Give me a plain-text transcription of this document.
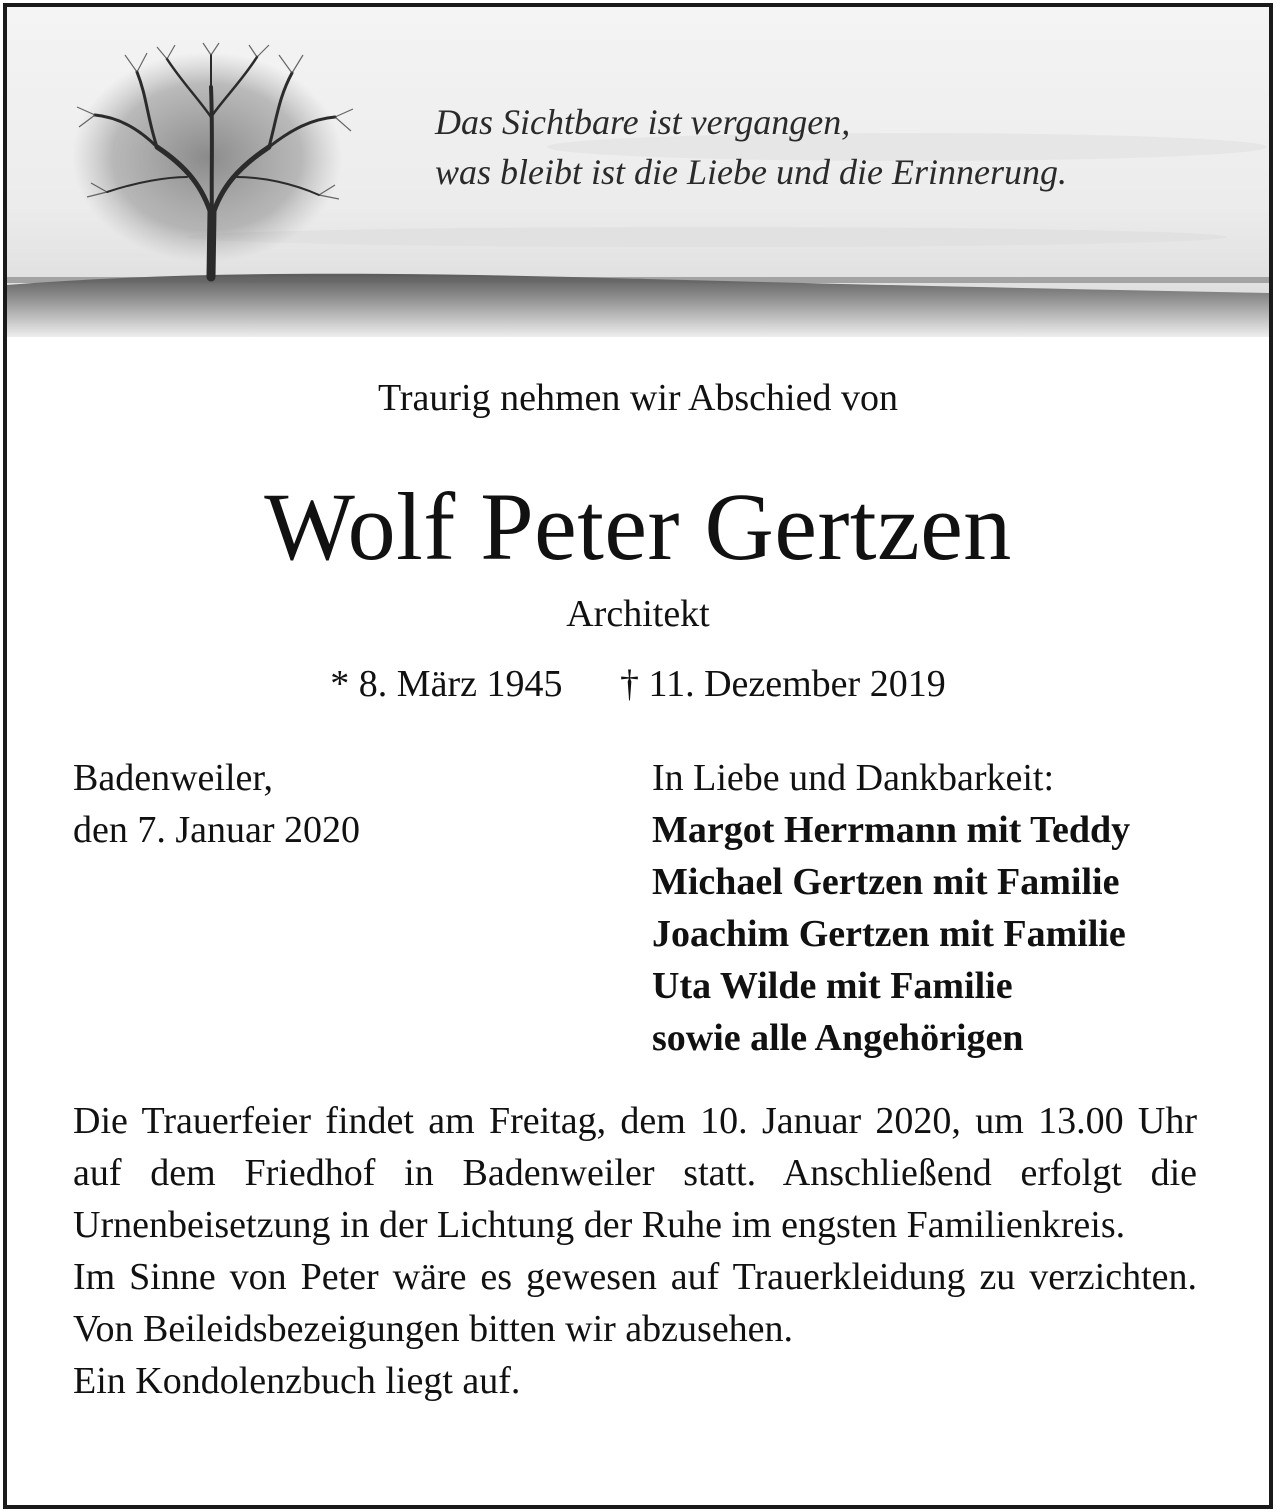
Das Sichtbare ist vergangen,
was bleibt ist die Liebe und die Erinnerung.
Traurig nehmen wir Abschied von
Wolf Peter Gertzen
Architekt
* 8. März 1945 † 11. Dezember 2019
Badenweiler,
den 7. Januar 2020
In Liebe und Dankbarkeit:
Margot Herrmann mit Teddy
Michael Gertzen mit Familie
Joachim Gertzen mit Familie
Uta Wilde mit Familie
sowie alle Angehörigen

Die Trauerfeier findet am Freitag, dem 10. Januar 2020, um 13.00 Uhr auf dem Friedhof in Badenweiler statt. Anschließend erfolgt die Urnenbeisetzung in der Lichtung der Ruhe im engsten Familienkreis.

Im Sinne von Peter wäre es gewesen auf Trauerkleidung zu verzichten. Von Beileidsbezeigungen bitten wir abzusehen.

Ein Kondolenzbuch liegt auf.
